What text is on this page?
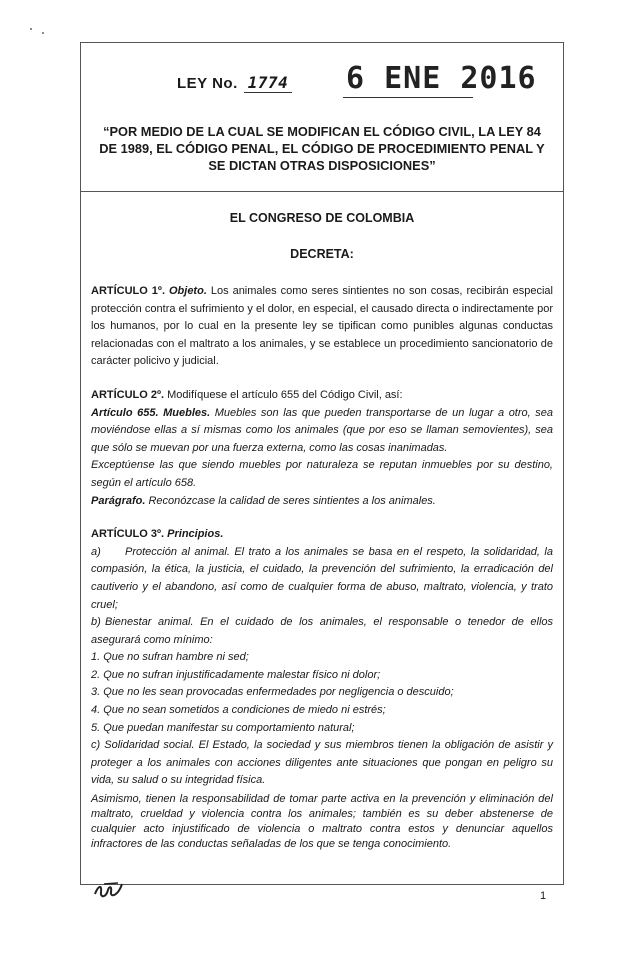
LEY No. 1774 6 ENE 2016
“POR MEDIO DE LA CUAL SE MODIFICAN EL CÓDIGO CIVIL, LA LEY 84 DE 1989, EL CÓDIGO PENAL, EL CÓDIGO DE PROCEDIMIENTO PENAL Y SE DICTAN OTRAS DISPOSICIONES”

EL CONGRESO DE COLOMBIA

DECRETA:

ARTÍCULO 1º. Objeto. Los animales como seres sintientes no son cosas, recibirán especial protección contra el sufrimiento y el dolor, en especial, el causado directa o indirectamente por los humanos, por lo cual en la presente ley se tipifican como punibles algunas conductas relacionadas con el maltrato a los animales, y se establece un procedimiento sancionatorio de carácter policivo y judicial.

ARTÍCULO 2º. Modifíquese el artículo 655 del Código Civil, así:

Artículo 655. Muebles. Muebles son las que pueden transportarse de un lugar a otro, sea moviéndose ellas a sí mismas como los animales (que por eso se llaman semovientes), sea que sólo se muevan por una fuerza externa, como las cosas inanimadas.

Exceptúense las que siendo muebles por naturaleza se reputan inmuebles por su destino, según el artículo 658.

Parágrafo. Reconózcase la calidad de seres sintientes a los animales.

ARTÍCULO 3º. Principios.

a) Protección al animal. El trato a los animales se basa en el respeto, la solidaridad, la compasión, la ética, la justicia, el cuidado, la prevención del sufrimiento, la erradicación del cautiverio y el abandono, así como de cualquier forma de abuso, maltrato, violencia, y trato cruel;

b) Bienestar animal. En el cuidado de los animales, el responsable o tenedor de ellos asegurará como mínimo:

1. Que no sufran hambre ni sed;

2. Que no sufran injustificadamente malestar físico ni dolor;

3. Que no les sean provocadas enfermedades por negligencia o descuido;

4. Que no sean sometidos a condiciones de miedo ni estrés;

5. Que puedan manifestar su comportamiento natural;

c) Solidaridad social. El Estado, la sociedad y sus miembros tienen la obligación de asistir y proteger a los animales con acciones diligentes ante situaciones que pongan en peligro su vida, su salud o su integridad física.

Asimismo, tienen la responsabilidad de tomar parte activa en la prevención y eliminación del maltrato, crueldad y violencia contra los animales; también es su deber abstenerse de cualquier acto injustificado de violencia o maltrato contra estos y denunciar aquellos infractores de las conductas señaladas de los que se tenga conocimiento.

1
